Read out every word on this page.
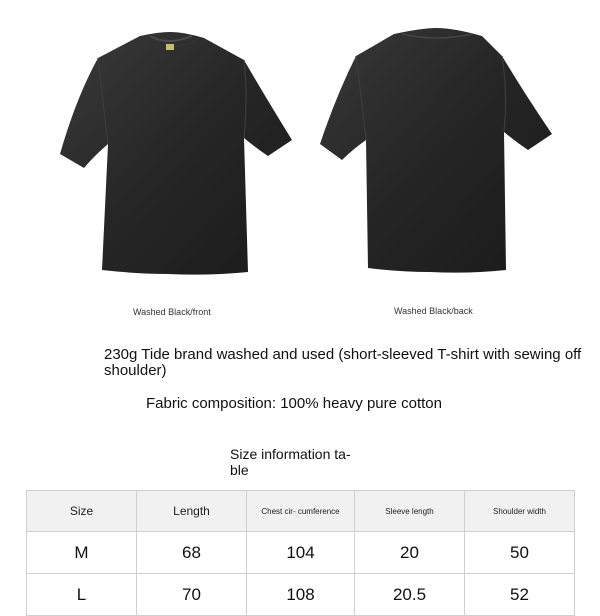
Washed Black/front	Washed Black/back
230g Tide brand washed and used (short-sleeved T-shirt with sewing off shoulder)
Fabric composition: 100% heavy pure cotton
Size information ta- ble
Size	Length	Chest cir- cumference	Sleeve length	Shoulder width
M	68	104	20	50
L	70	108	20.5	52
